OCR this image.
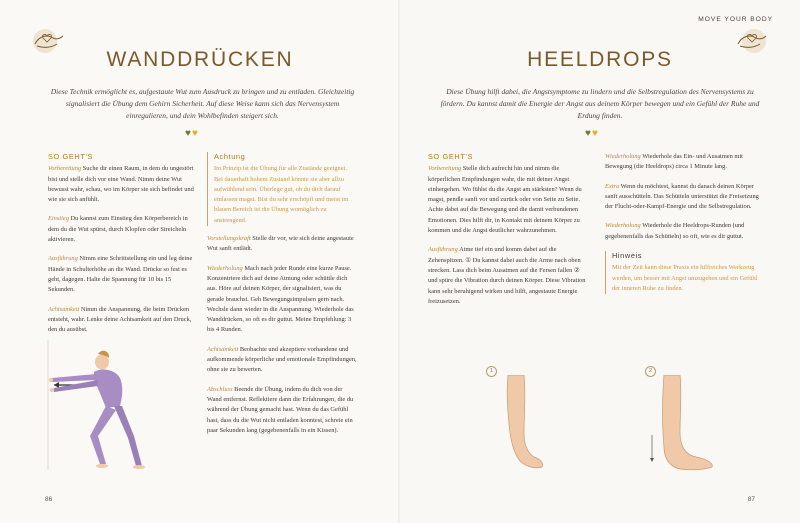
WANDDRÜCKEN
Diese Technik ermöglicht es, aufgestaute Wut zum Ausdruck zu bringen und zu entladen. Gleichzeitig signalisiert die Übung dem Gehirn Sicherheit. Auf diese Weise kann sich das Nervensystem einregulieren, und dein Wohlbefinden steigert sich.
♥♥
SO GEHT'S

Vorbereitung Suche dir einen Raum, in dem du ungestört bist und stelle dich vor eine Wand. Nimm deine Wut bewusst wahr, schau, wo im Körper sie sich befindet und wie sie sich anfühlt.

Einstieg Du kannst zum Einstieg den Körperbereich in dem du die Wut spürst, durch Klopfen oder Streicheln aktivieren.

Ausführung Nimm eine Schrittstellung ein und leg deine Hände in Schulterhöhe an die Wand. Drücke so fest es geht, dagegen. Halte die Spannung für 10 bis 15 Sekunden.

Achtsamkeit Nimm die Anspannung, die beim Drücken entsteht, wahr. Lenke deine Achtsamkeit auf den Druck, den du ausübst.

Achtung
Im Prinzip ist die Übung für alle Zustände geeignet. Bei dauerhaft hohem Zustand könnte sie aber allzu aufwühlend sein. Überlege gut, ob du dich darauf einlassen magst. Bist du sehr erschöpft und meist im blauen Bereich ist die Übung womöglich zu anstrengend.

Vorstellungskraft Stelle dir vor, wie sich deine angestaute Wut sanft entlädt.

Wiederholung Mach nach jeder Runde eine kurze Pause. Konzentriere dich auf deine Atmung oder schüttle dich aus. Höre auf deinen Körper, der signalisiert, was du gerade brauchst. Geh Bewegungsimpulsen gern nach. Wechsle dann wieder in die Anspannung. Wiederhole das Wanddrücken, so oft es dir guttut. Meine Empfehlung: 3 bis 4 Runden.

Achtsamkeit Beobachte und akzeptiere vorhandene und aufkommende körperliche und emotionale Empfindungen, ohne sie zu bewerten.

Abschluss Beende die Übung, indem du dich von der Wand entfernst. Reflektiere dann die Erfahrungen, die du während der Übung gemacht hast. Wenn du das Gefühl hast, dass du die Wut nicht entladen konntest, schreie ein paar Sekunden lang (gegebenenfalls in ein Kissen).

86
MOVE YOUR BODY
HEELDROPS
Diese Übung hilft dabei, die Angstsymptome zu lindern und die Selbstregulation des Nervensystems zu fördern. Du kannst damit die Energie der Angst aus deinem Körper bewegen und ein Gefühl der Ruhe und Erdung finden.
♥♥
SO GEHT'S

Vorbereitung Stelle dich aufrecht hin und nimm die körperlichen Empfindungen wahr, die mit deiner Angst einhergehen. Wo fühlst du die Angst am stärksten? Wenn du magst, pendle sanft vor und zurück oder von Seite zu Seite. Achte dabei auf die Bewegung und die damit verbundenen Emotionen. Dies hilft dir, in Kontakt mit deinem Körper zu kommen und die Angst deutlicher wahrzunehmen.

Ausführung Atme tief ein und komm dabei auf die Zehenspitzen. ① Du kannst dabei auch die Arme nach oben strecken. Lass dich beim Ausatmen auf die Fersen fallen ② und spüre die Vibration durch deinen Körper. Diese Vibration kann sehr beruhigend wirken und hilft, angestaute Energie freizusetzen.

Wiederholung Wiederhole das Ein- und Ausatmen mit Bewegung (die Heeldrops) circa 1 Minute lang.

Extra Wenn du möchtest, kannst du danach deinen Körper sanft ausschütteln. Das Schütteln unterstützt die Freisetzung der Flucht-oder-Kampf-Energie und die Selbstregulation.

Wiederholung Wiederhole die Heeldrops-Runden (und gegebenenfalls das Schütteln) so oft, wie es dir guttut.

Hinweis
Mit der Zeit kann diese Praxis ein hilfreiches Werkzeug werden, um besser mit Angst umzugehen und ein Gefühl der inneren Ruhe zu finden.
1	2
87
